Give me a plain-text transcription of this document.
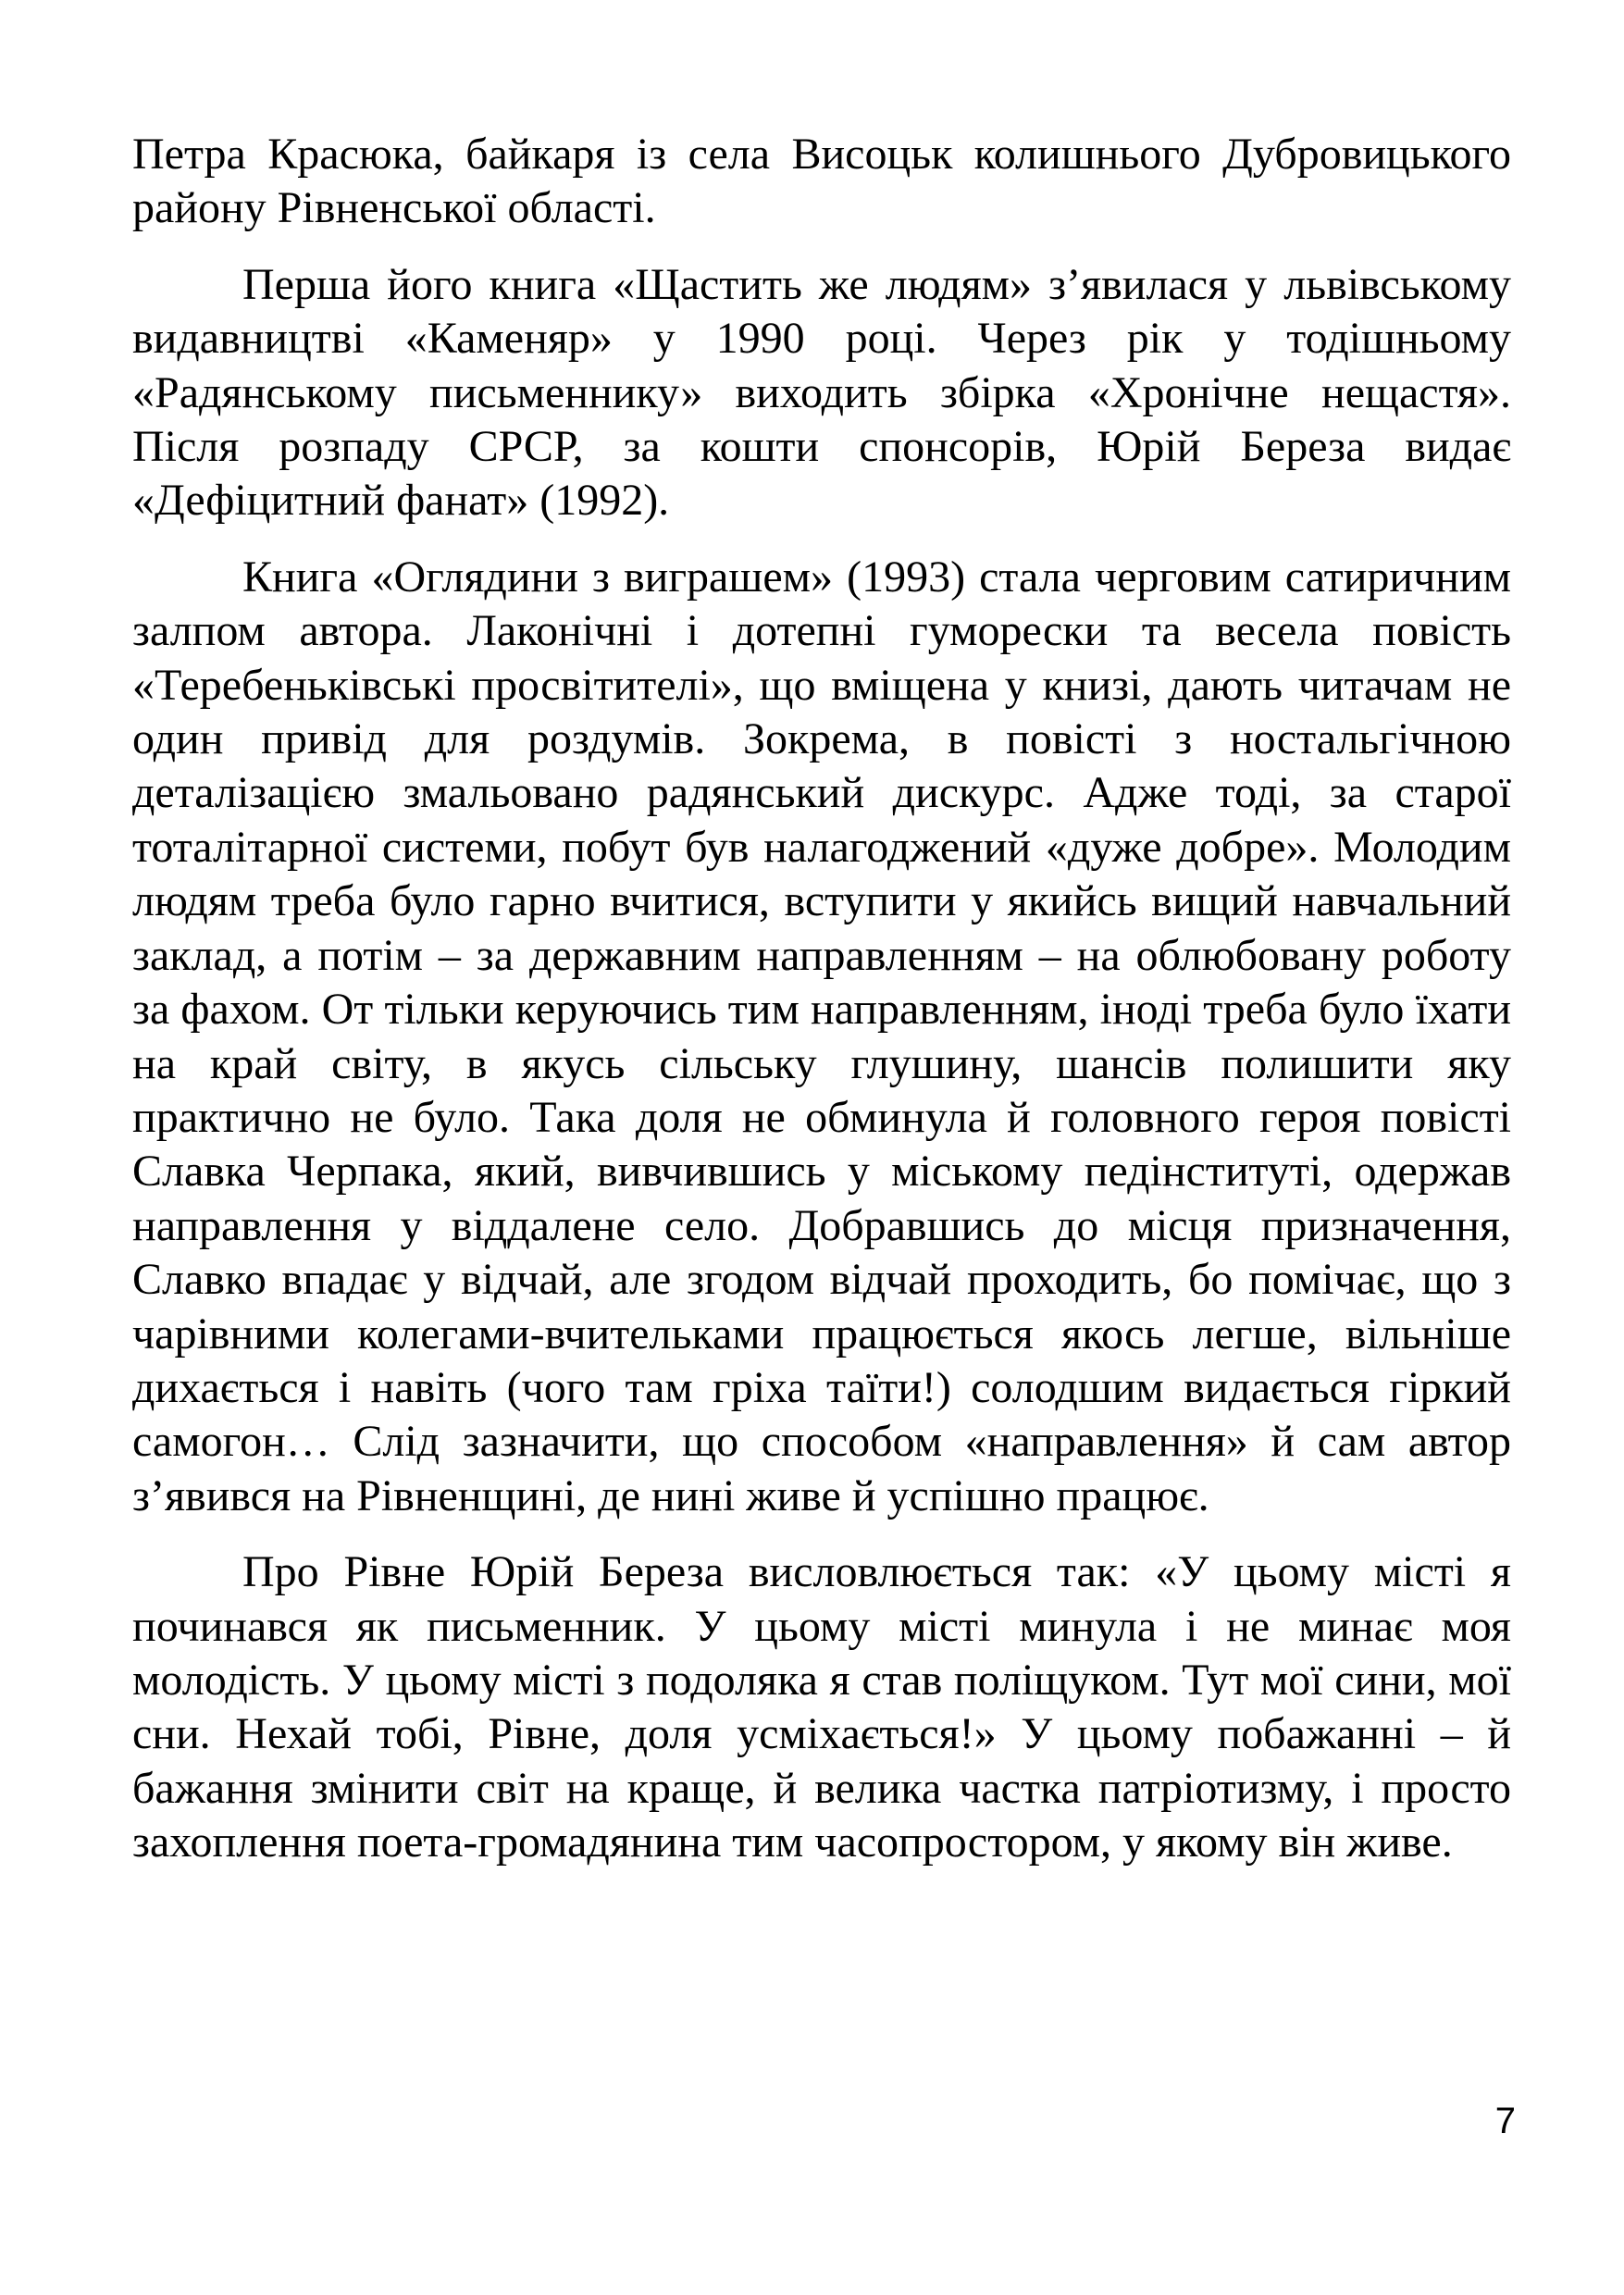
Петра Красюка, байкаря із села Висоцьк колишнього Дубровицького району Рівненської області.

Перша його книга «Щастить же людям» з’явилася у львівському видавництві «Каменяр» у 1990 році. Через рік у тодішньому «Радянському письменнику» виходить збірка «Хронічне нещастя». Після розпаду СРСР, за кошти спонсорів, Юрій Береза видає «Дефіцитний фанат» (1992).

Книга «Оглядини з виграшем» (1993) стала черговим сатиричним залпом автора. Лаконічні і дотепні гуморески та весела повість «Теребеньківські просвітителі», що вміщена у книзі, дають читачам не один привід для роздумів. Зокрема, в повісті з ностальгічною деталізацією змальовано радянський дискурс. Адже тоді, за старої тоталітарної системи, побут був налагоджений «дуже добре». Молодим людям треба було гарно вчитися, вступити у якийсь вищий навчальний заклад, а потім – за державним направленням – на облюбовану роботу за фахом. От тільки керуючись тим направленням, іноді треба було їхати на край світу, в якусь сільську глушину, шансів полишити яку практично не було. Така доля не обминула й головного героя повісті Славка Черпака, який, вивчившись у міському педінституті, одержав направлення у віддалене село. Добравшись до місця призначення, Славко впадає у відчай, але згодом відчай проходить, бо помічає, що з чарівними колегами-вчительками працюється якось легше, вільніше дихається і навіть (чого там гріха таїти!) солодшим видається гіркий самогон… Слід зазначити, що способом «направлення» й сам автор з’явився на Рівненщині, де нині живе й успішно працює.

Про Рівне Юрій Береза висловлюється так: «У цьому місті я починався як письменник. У цьому місті минула і не минає моя молодість. У цьому місті з подоляка я став поліщуком. Тут мої сини, мої сни. Нехай тобі, Рівне, доля усміхається!» У цьому побажанні – й бажання змінити світ на краще, й велика частка патріотизму, і просто захоплення поета-громадянина тим часопростором, у якому він живе.

7
